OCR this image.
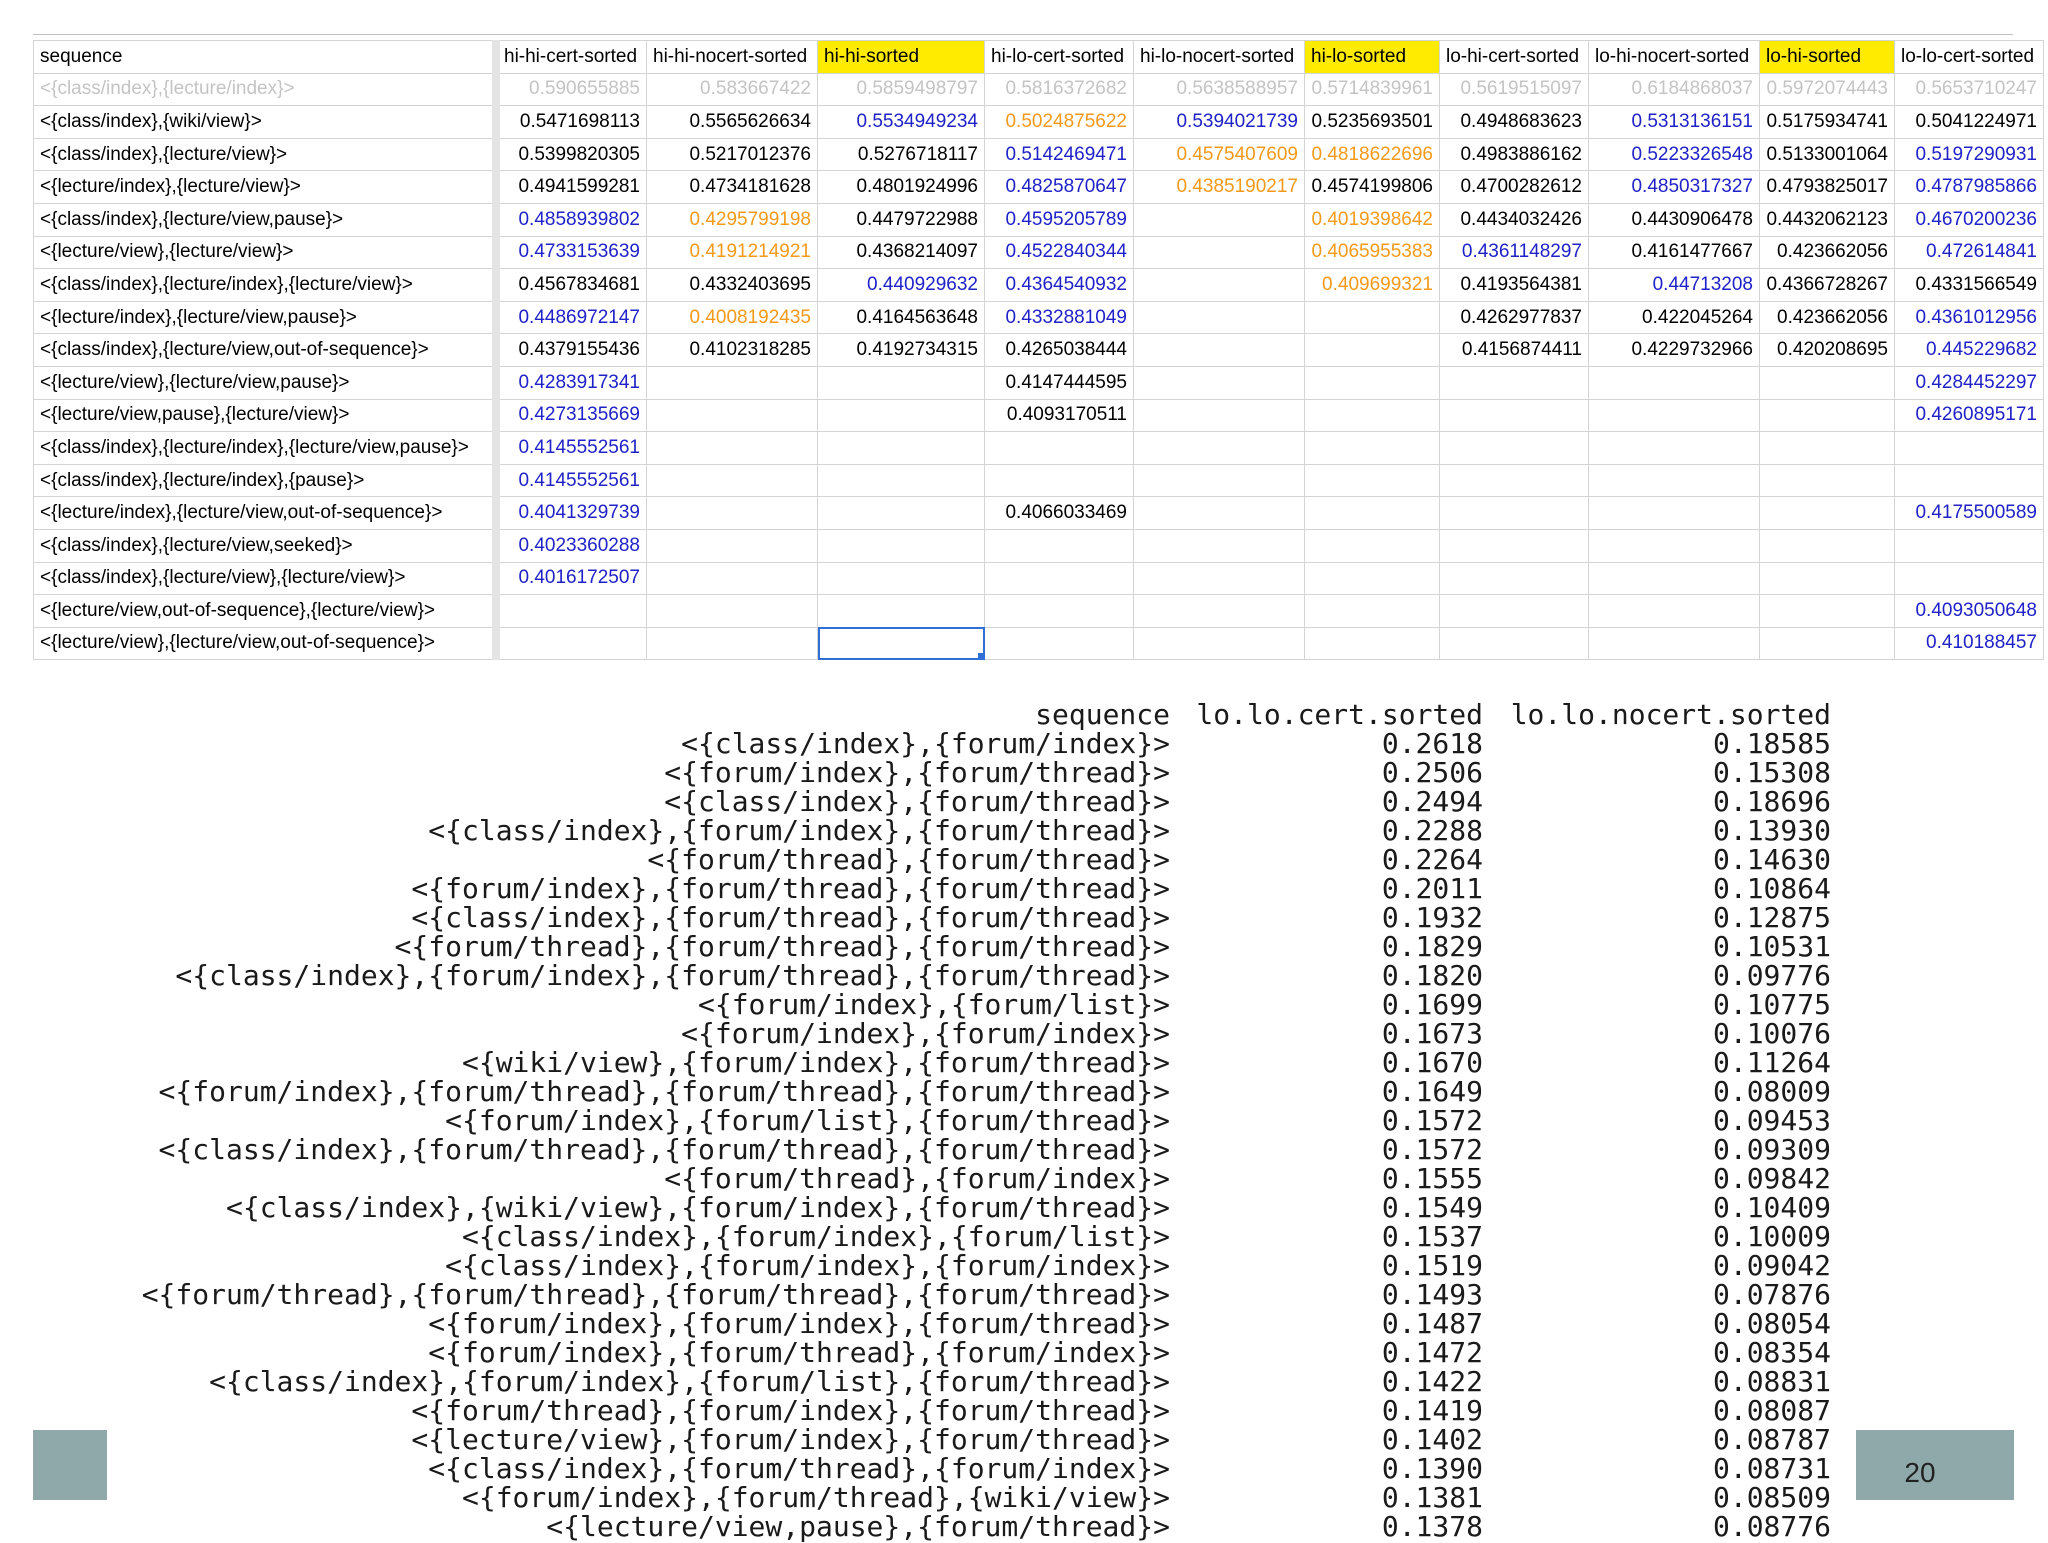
sequence	hi-hi-cert-sorted	hi-hi-nocert-sorted	hi-hi-sorted	hi-lo-cert-sorted	hi-lo-nocert-sorted	hi-lo-sorted	lo-hi-cert-sorted	lo-hi-nocert-sorted	lo-hi-sorted	lo-lo-cert-sorted
<{class/index},{lecture/index}>	0.590655885	0.583667422	0.5859498797	0.5816372682	0.5638588957	0.5714839961	0.5619515097	0.6184868037	0.5972074443	0.5653710247
<{class/index},{wiki/view}>	0.5471698113	0.5565626634	0.5534949234	0.5024875622	0.5394021739	0.5235693501	0.4948683623	0.5313136151	0.5175934741	0.5041224971
<{class/index},{lecture/view}>	0.5399820305	0.5217012376	0.5276718117	0.5142469471	0.4575407609	0.4818622696	0.4983886162	0.5223326548	0.5133001064	0.5197290931
<{lecture/index},{lecture/view}>	0.4941599281	0.4734181628	0.4801924996	0.4825870647	0.4385190217	0.4574199806	0.4700282612	0.4850317327	0.4793825017	0.4787985866
<{class/index},{lecture/view,pause}>	0.4858939802	0.4295799198	0.4479722988	0.4595205789		0.4019398642	0.4434032426	0.4430906478	0.4432062123	0.4670200236
<{lecture/view},{lecture/view}>	0.4733153639	0.4191214921	0.4368214097	0.4522840344		0.4065955383	0.4361148297	0.4161477667	0.423662056	0.472614841
<{class/index},{lecture/index},{lecture/view}>	0.4567834681	0.4332403695	0.440929632	0.4364540932		0.409699321	0.4193564381	0.44713208	0.4366728267	0.4331566549
<{lecture/index},{lecture/view,pause}>	0.4486972147	0.4008192435	0.4164563648	0.4332881049			0.4262977837	0.422045264	0.423662056	0.4361012956
<{class/index},{lecture/view,out-of-sequence}>	0.4379155436	0.4102318285	0.4192734315	0.4265038444			0.4156874411	0.4229732966	0.420208695	0.445229682
<{lecture/view},{lecture/view,pause}>	0.4283917341			0.4147444595						0.4284452297
<{lecture/view,pause},{lecture/view}>	0.4273135669			0.4093170511						0.4260895171
<{class/index},{lecture/index},{lecture/view,pause}>	0.4145552561									
<{class/index},{lecture/index},{pause}>	0.4145552561									
<{lecture/index},{lecture/view,out-of-sequence}>	0.4041329739			0.4066033469						0.4175500589
<{class/index},{lecture/view,seeked}>	0.4023360288									
<{class/index},{lecture/view},{lecture/view}>	0.4016172507									
<{lecture/view,out-of-sequence},{lecture/view}>										0.4093050648
<{lecture/view},{lecture/view,out-of-sequence}>										0.410188457
sequence lo.lo.cert.sorted lo.lo.nocert.sorted
<{class/index},{forum/index}>	0.2618	0.18585
<{forum/index},{forum/thread}>	0.2506	0.15308
<{class/index},{forum/thread}>	0.2494	0.18696
<{class/index},{forum/index},{forum/thread}>	0.2288	0.13930
<{forum/thread},{forum/thread}>	0.2264	0.14630
<{forum/index},{forum/thread},{forum/thread}>	0.2011	0.10864
<{class/index},{forum/thread},{forum/thread}>	0.1932	0.12875
<{forum/thread},{forum/thread},{forum/thread}>	0.1829	0.10531
<{class/index},{forum/index},{forum/thread},{forum/thread}>	0.1820	0.09776
<{forum/index},{forum/list}>	0.1699	0.10775
<{forum/index},{forum/index}>	0.1673	0.10076
<{wiki/view},{forum/index},{forum/thread}>	0.1670	0.11264
<{forum/index},{forum/thread},{forum/thread},{forum/thread}>	0.1649	0.08009
<{forum/index},{forum/list},{forum/thread}>	0.1572	0.09453
<{class/index},{forum/thread},{forum/thread},{forum/thread}>	0.1572	0.09309
<{forum/thread},{forum/index}>	0.1555	0.09842
<{class/index},{wiki/view},{forum/index},{forum/thread}>	0.1549	0.10409
<{class/index},{forum/index},{forum/list}>	0.1537	0.10009
<{class/index},{forum/index},{forum/index}>	0.1519	0.09042
<{forum/thread},{forum/thread},{forum/thread},{forum/thread}>	0.1493	0.07876
<{forum/index},{forum/index},{forum/thread}>	0.1487	0.08054
<{forum/index},{forum/thread},{forum/index}>	0.1472	0.08354
<{class/index},{forum/index},{forum/list},{forum/thread}>	0.1422	0.08831
<{forum/thread},{forum/index},{forum/thread}>	0.1419	0.08087
<{lecture/view},{forum/index},{forum/thread}>	0.1402	0.08787
<{class/index},{forum/thread},{forum/index}>	0.1390	0.08731
<{forum/index},{forum/thread},{wiki/view}>	0.1381	0.08509
<{lecture/view,pause},{forum/thread}>	0.1378	0.08776
20
